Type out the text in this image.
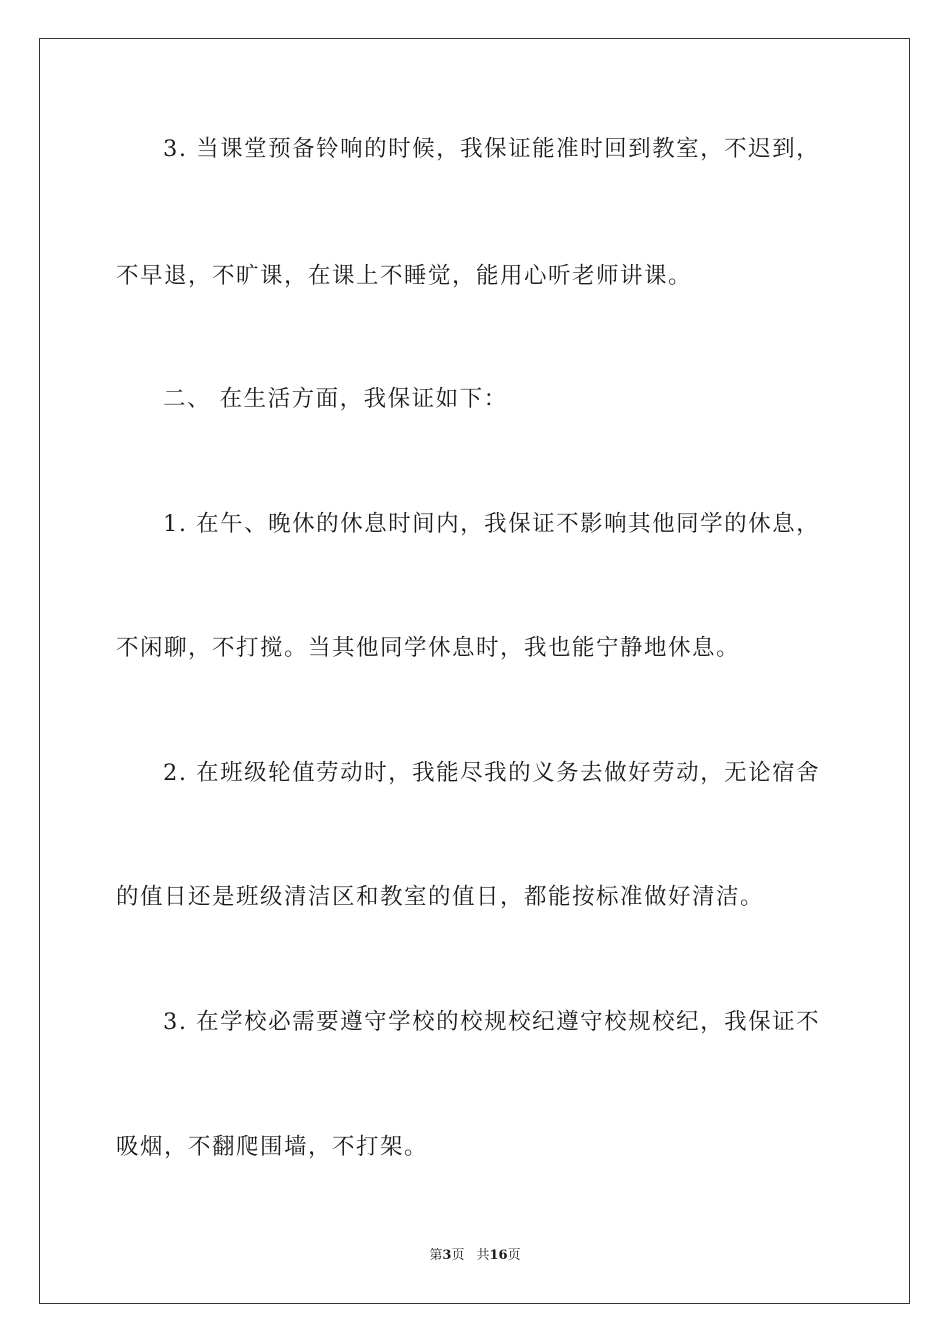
3. 当课堂预备铃响的时候，我保证能准时回到教室，不迟到，
不早退，不旷课，在课上不睡觉，能用心听老师讲课。
二、 在生活方面，我保证如下：
1. 在午、晚休的休息时间内，我保证不影响其他同学的休息，
不闲聊，不打搅。当其他同学休息时，我也能宁静地休息。
2. 在班级轮值劳动时，我能尽我的义务去做好劳动，无论宿舍
的值日还是班级清洁区和教室的值日，都能按标准做好清洁。
3. 在学校必需要遵守学校的校规校纪遵守校规校纪，我保证不
吸烟，不翻爬围墙，不打架。
第3页 共16页
